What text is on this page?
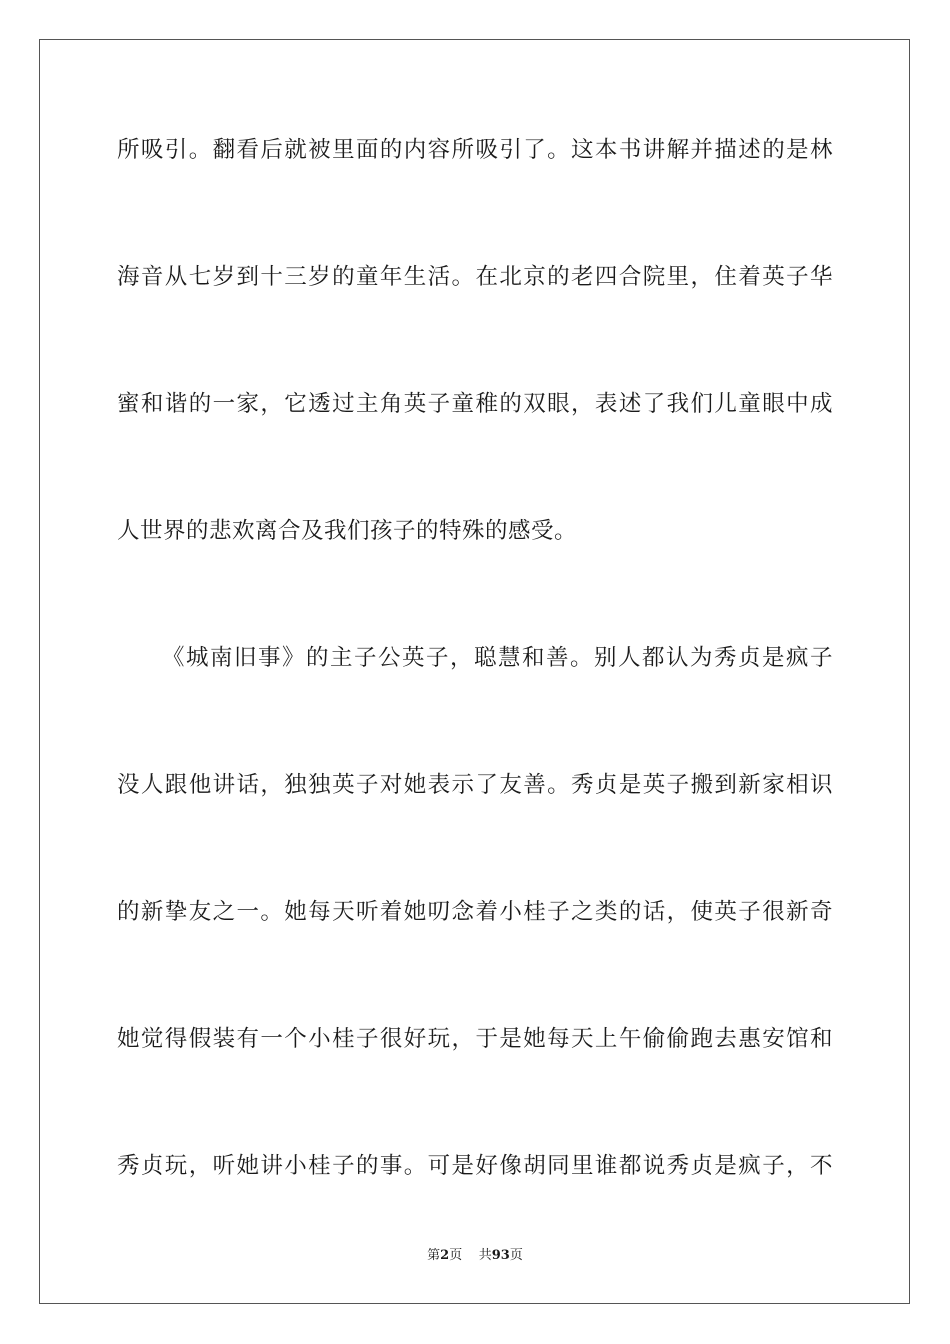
所吸引。翻看后就被里面的内容所吸引了。这本书讲解并描述的是林
海音从七岁到十三岁的童年生活。在北京的老四合院里，住着英子华
蜜和谐的一家，它透过主角英子童稚的双眼，表述了我们儿童眼中成
人世界的悲欢离合及我们孩子的特殊的感受。
《城南旧事》的主子公英子，聪慧和善。别人都认为秀贞是疯子
没人跟他讲话，独独英子对她表示了友善。秀贞是英子搬到新家相识
的新挚友之一。她每天听着她叨念着小桂子之类的话，使英子很新奇
她觉得假装有一个小桂子很好玩，于是她每天上午偷偷跑去惠安馆和
秀贞玩，听她讲小桂子的事。可是好像胡同里谁都说秀贞是疯子，不
第2页 共93页
